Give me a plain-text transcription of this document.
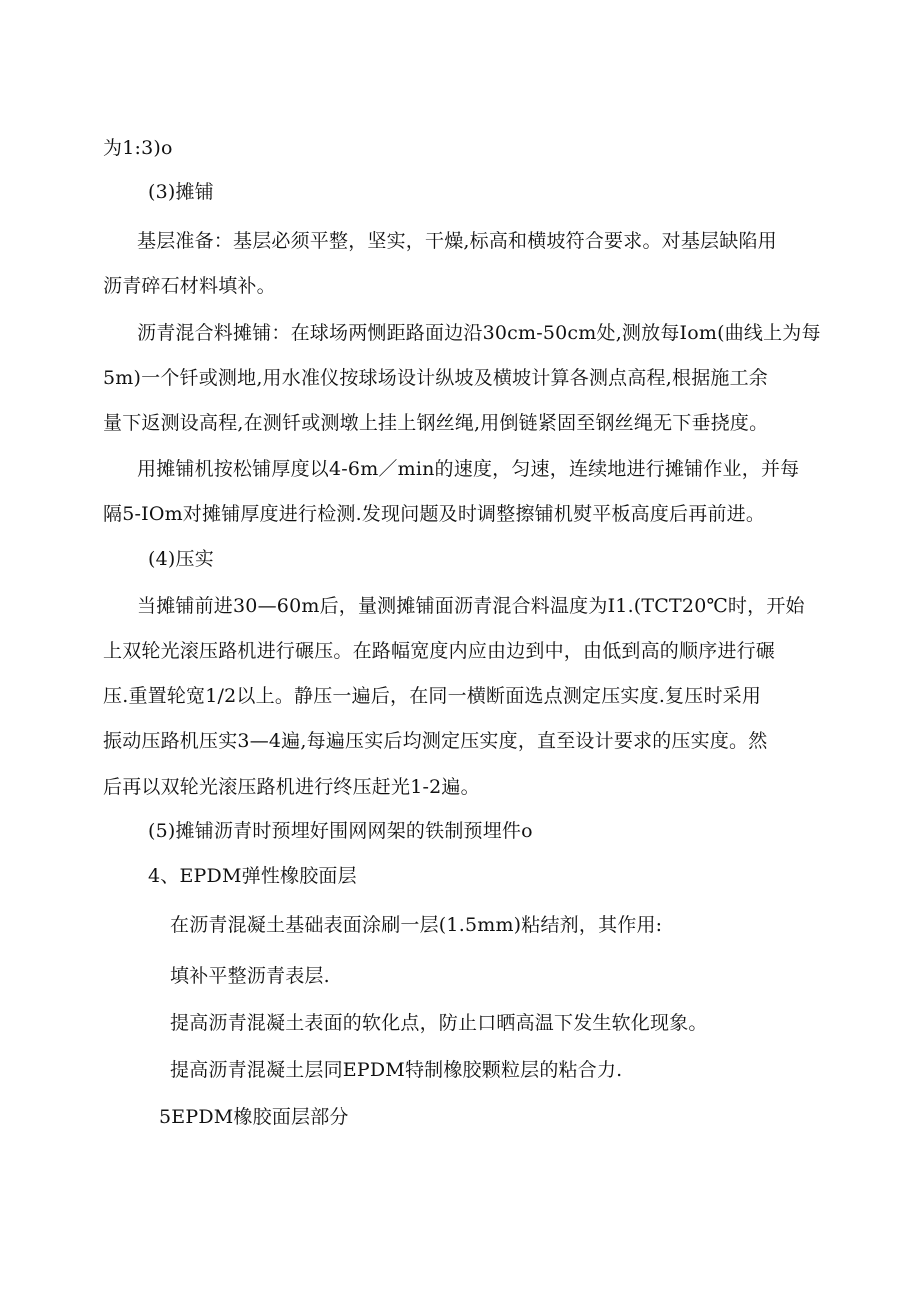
为1:3)o
(3)摊铺
基层准备：基层必须平整，坚实，干燥,标高和横坡符合要求。对基层缺陷用
沥青碎石材料填补。
沥青混合料摊铺：在球场两恻距路面边沿30cm-50cm处,测放每Iom(曲线上为每
5m)一个钎或测地,用水准仪按球场设计纵坡及横坡计算各测点高程,根据施工余
量下返测设高程,在测钎或测墩上挂上钢丝绳,用倒链紧固至钢丝绳无下垂挠度。
用摊铺机按松铺厚度以4-6m／min的速度，匀速，连续地进行摊铺作业，并每
隔5-IOm对摊铺厚度进行检测.发现问题及时调整擦铺机熨平板高度后再前进。
(4)压实
当摊铺前进30—60m后，量测摊铺面沥青混合料温度为I1.(TCT20℃时，开始
上双轮光滚压路机进行碾压。在路幅宽度内应由边到中，由低到高的顺序进行碾
压.重置轮宽1/2以上。静压一遍后，在同一横断面选点测定压实度.复压时采用
振动压路机压实3—4遍,每遍压实后均测定压实度，直至设计要求的压实度。然
后再以双轮光滚压路机进行终压赶光1-2遍。
(5)摊铺沥青时预埋好围网网架的铁制预埋件o
4、EPDM弹性橡胶面层
在沥青混凝土基础表面涂刷一层(1.5mm)粘结剂，其作用:
填补平整沥青表层.
提高沥青混凝土表面的软化点，防止口晒高温下发生软化现象。
提高沥青混凝土层同EPDM特制橡胶颗粒层的粘合力.
5EPDM橡胶面层部分
